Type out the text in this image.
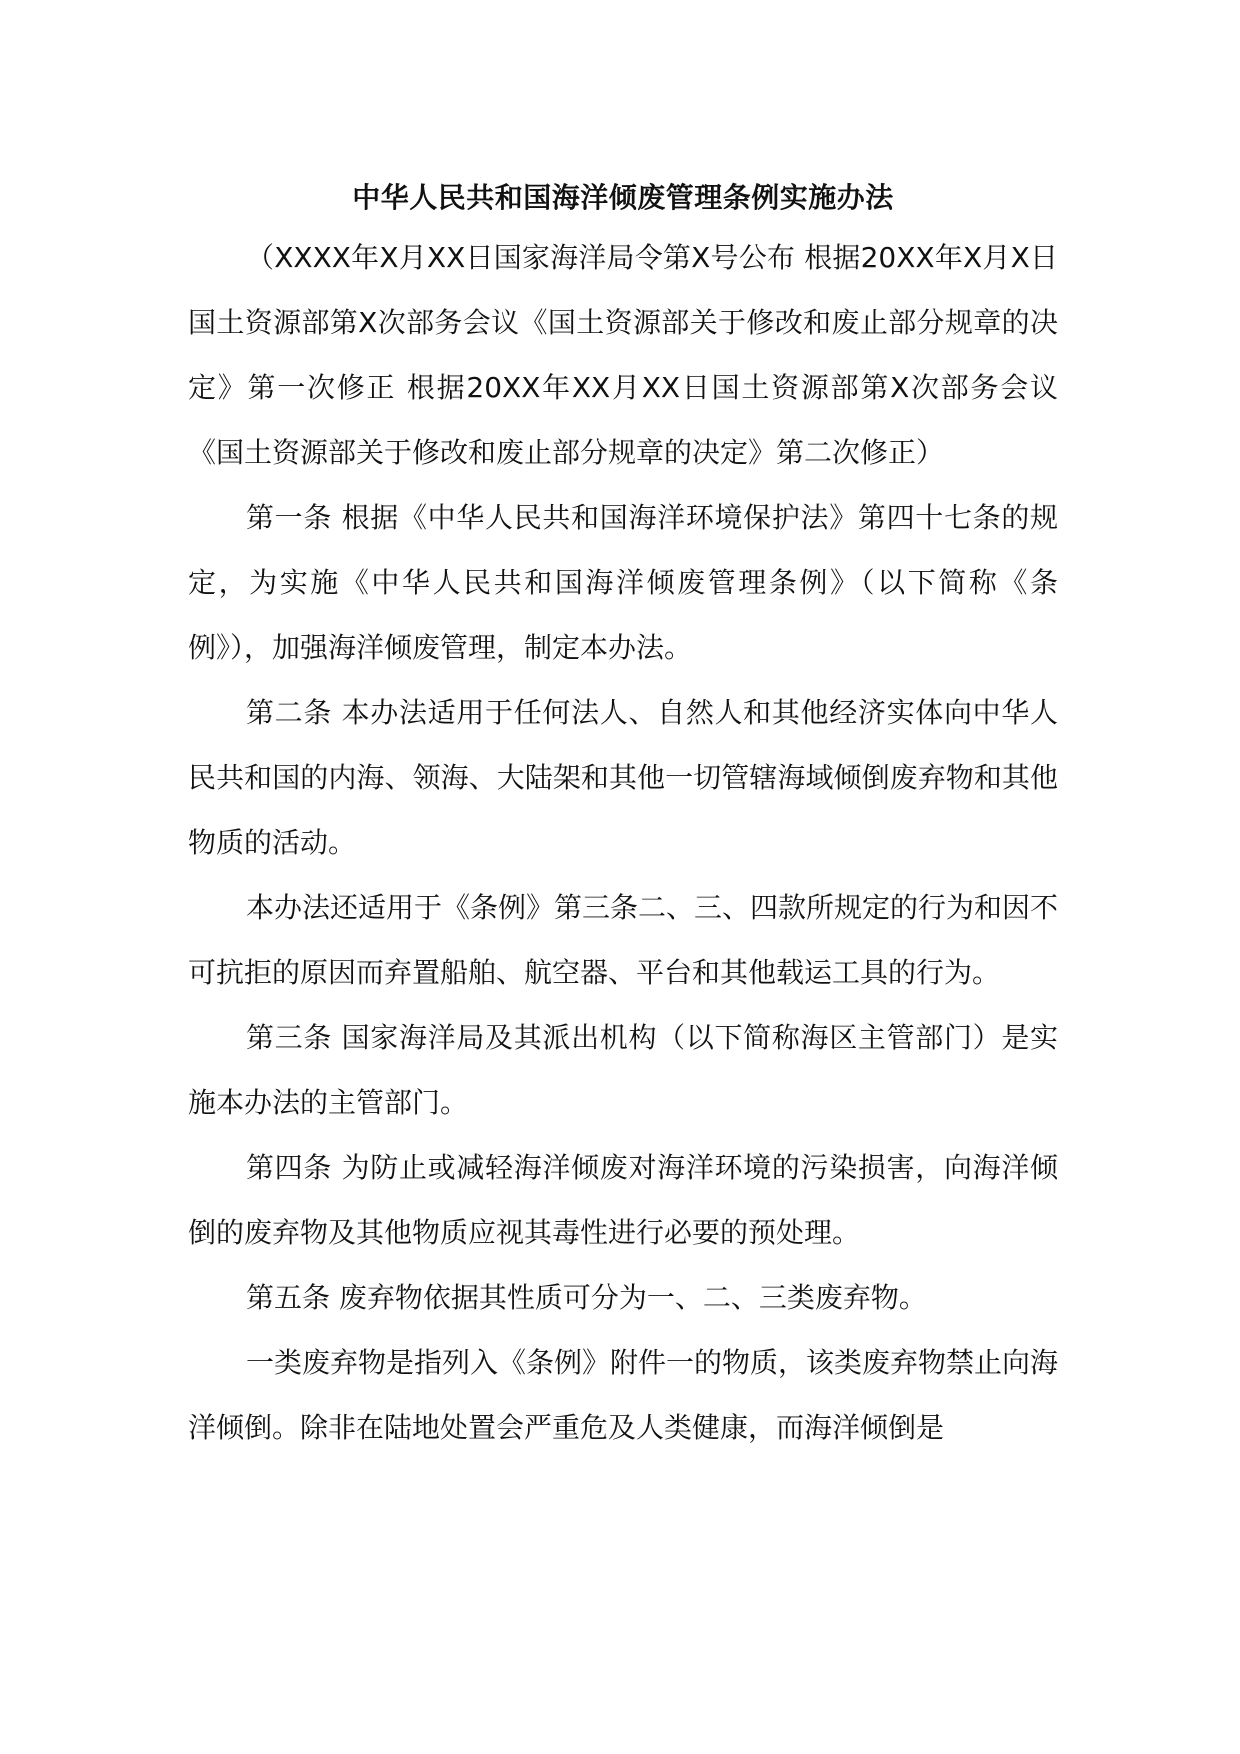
中华人民共和国海洋倾废管理条例实施办法

（XXXX年X月XX日国家海洋局令第X号公布 根据20XX年X月X日国土资源部第X次部务会议《国土资源部关于修改和废止部分规章的决定》第一次修正 根据20XX年XX月XX日国土资源部第X次部务会议《国土资源部关于修改和废止部分规章的决定》第二次修正）

第一条 根据《中华人民共和国海洋环境保护法》第四十七条的规定，为实施《中华人民共和国海洋倾废管理条例》（以下简称《条例》），加强海洋倾废管理，制定本办法。

第二条 本办法适用于任何法人、自然人和其他经济实体向中华人民共和国的内海、领海、大陆架和其他一切管辖海域倾倒废弃物和其他物质的活动。

本办法还适用于《条例》第三条二、三、四款所规定的行为和因不可抗拒的原因而弃置船舶、航空器、平台和其他载运工具的行为。

第三条 国家海洋局及其派出机构（以下简称海区主管部门）是实施本办法的主管部门。

第四条 为防止或减轻海洋倾废对海洋环境的污染损害，向海洋倾倒的废弃物及其他物质应视其毒性进行必要的预处理。

第五条 废弃物依据其性质可分为一、二、三类废弃物。

一类废弃物是指列入《条例》附件一的物质，该类废弃物禁止向海洋倾倒。除非在陆地处置会严重危及人类健康，而海洋倾倒是
